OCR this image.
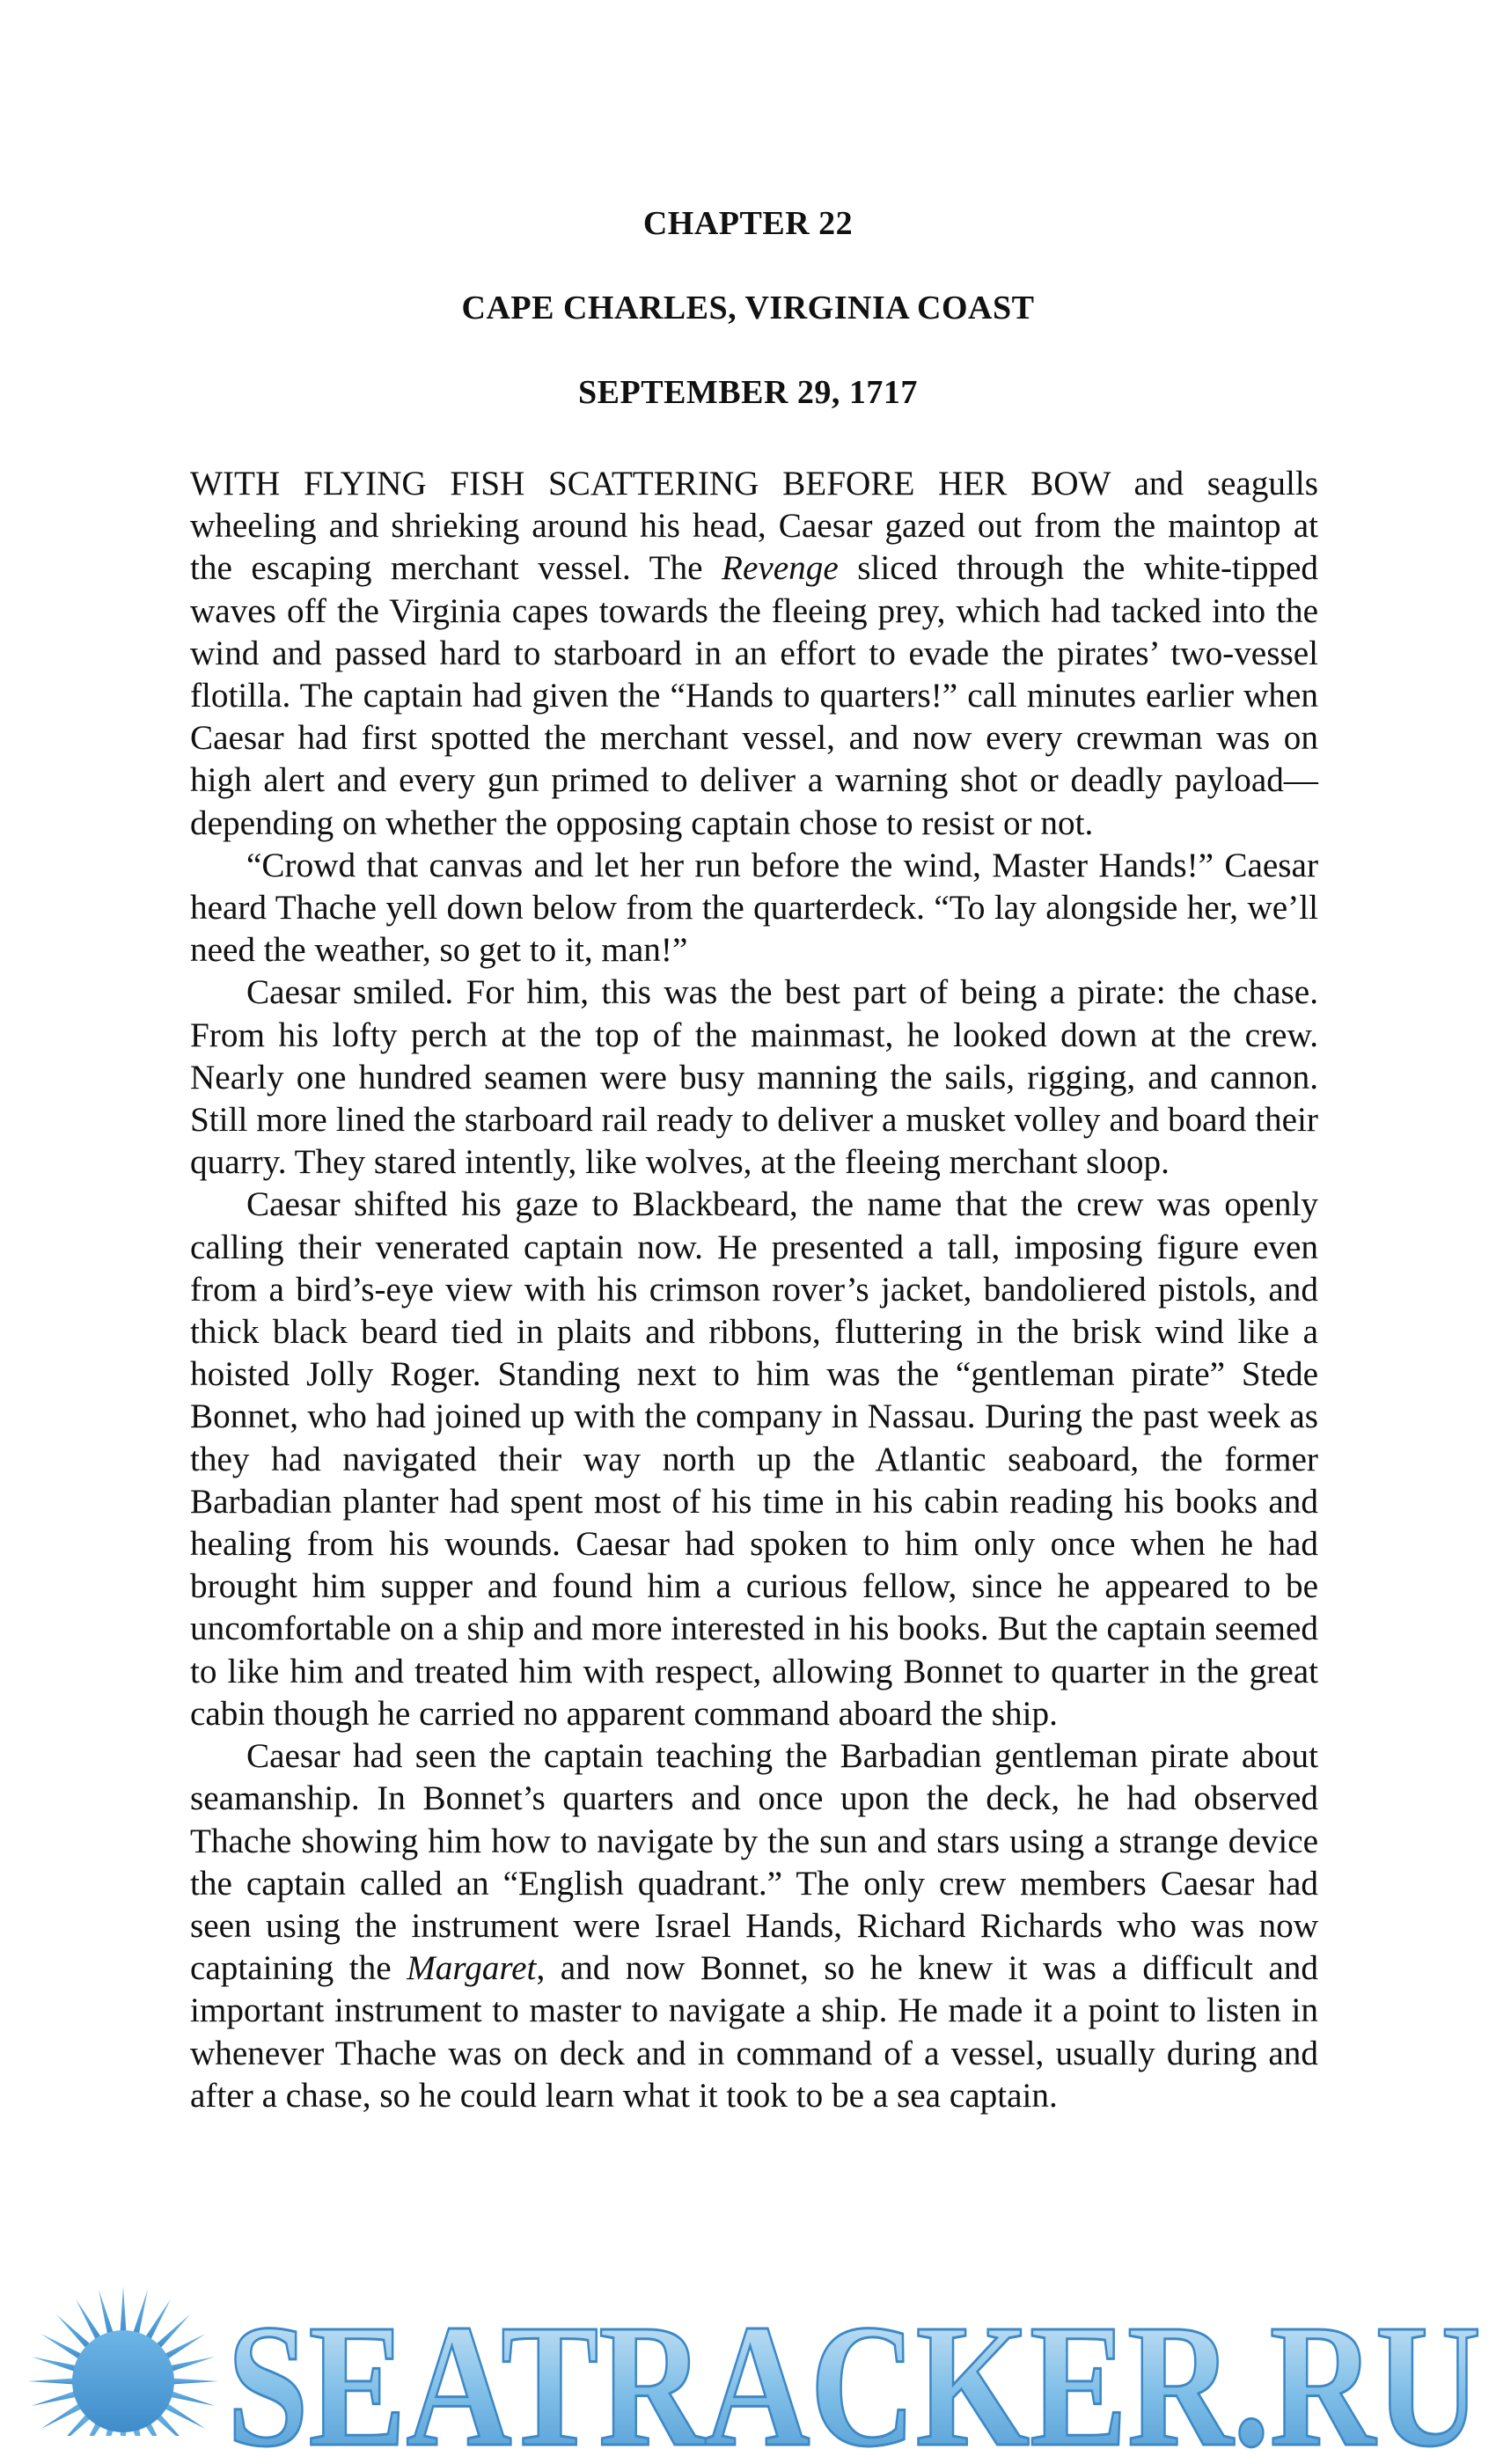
CHAPTER 22
CAPE CHARLES, VIRGINIA COAST
SEPTEMBER 29, 1717

WITH FLYING FISH SCATTERING BEFORE HER BOW and seagulls wheeling and shrieking around his head, Caesar gazed out from the maintop at the escaping merchant vessel. The Revenge sliced through the white-tipped waves off the Virginia capes towards the fleeing prey, which had tacked into the wind and passed hard to starboard in an effort to evade the pirates’ two-vessel flotilla. The captain had given the “Hands to quarters!” call minutes earlier when Caesar had first spotted the merchant vessel, and now every crewman was on high alert and every gun primed to deliver a warning shot or deadly payload—depending on whether the opposing captain chose to resist or not.

“Crowd that canvas and let her run before the wind, Master Hands!” Caesar heard Thache yell down below from the quarterdeck. “To lay alongside her, we’ll need the weather, so get to it, man!”

Caesar smiled. For him, this was the best part of being a pirate: the chase. From his lofty perch at the top of the mainmast, he looked down at the crew. Nearly one hundred seamen were busy manning the sails, rigging, and cannon. Still more lined the starboard rail ready to deliver a musket volley and board their quarry. They stared intently, like wolves, at the fleeing merchant sloop.

Caesar shifted his gaze to Blackbeard, the name that the crew was openly calling their venerated captain now. He presented a tall, imposing figure even from a bird’s-eye view with his crimson rover’s jacket, bandoliered pistols, and thick black beard tied in plaits and ribbons, fluttering in the brisk wind like a hoisted Jolly Roger. Standing next to him was the “gentleman pirate” Stede Bonnet, who had joined up with the company in Nassau. During the past week as they had navigated their way north up the Atlantic seaboard, the former Barbadian planter had spent most of his time in his cabin reading his books and healing from his wounds. Caesar had spoken to him only once when he had brought him supper and found him a curious fellow, since he appeared to be uncomfortable on a ship and more interested in his books. But the captain seemed to like him and treated him with respect, allowing Bonnet to quarter in the great cabin though he carried no apparent command aboard the ship.

Caesar had seen the captain teaching the Barbadian gentleman pirate about seamanship. In Bonnet’s quarters and once upon the deck, he had observed Thache showing him how to navigate by the sun and stars using a strange device the captain called an “English quadrant.” The only crew members Caesar had seen using the instrument were Israel Hands, Richard Richards who was now captaining the Margaret, and now Bonnet, so he knew it was a difficult and important instrument to master to navigate a ship. He made it a point to listen in whenever Thache was on deck and in command of a vessel, usually during and after a chase, so he could learn what it took to be a sea captain.

SEATRACKER.RU
